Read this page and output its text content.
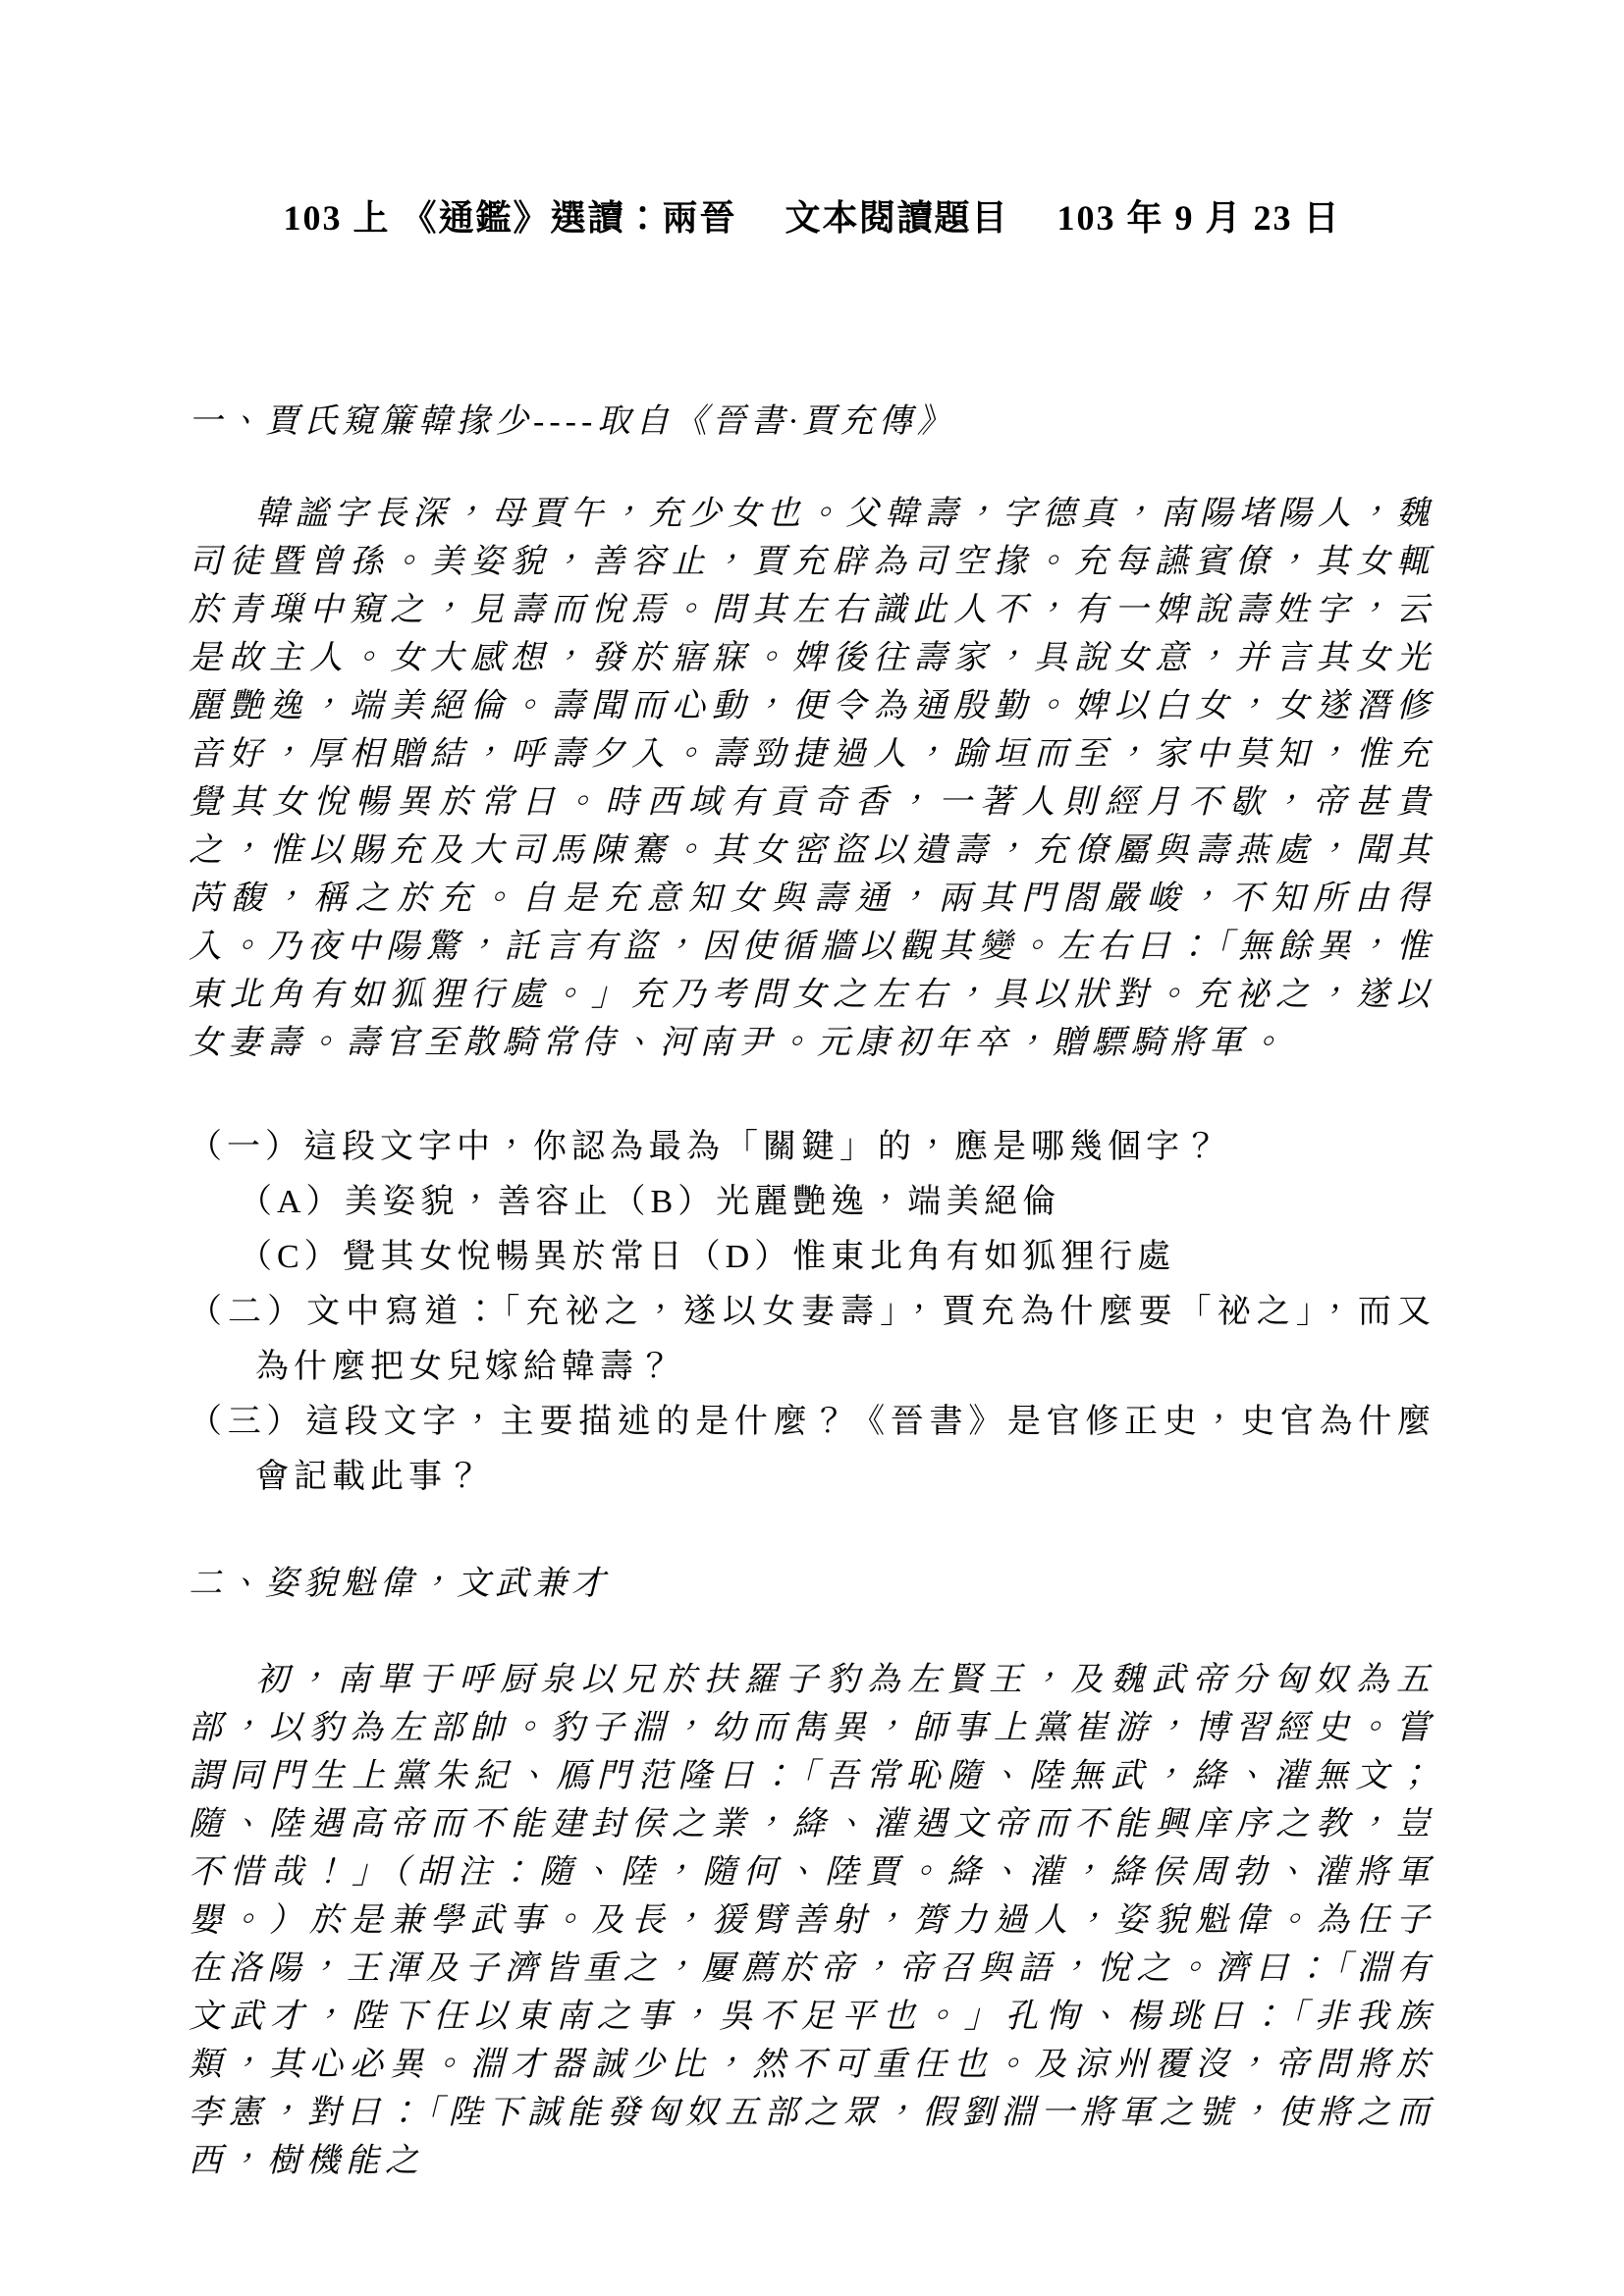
103 上 《通鑑》選讀：兩晉　 文本閱讀題目　 103 年 9 月 23 日
一、賈氏窺簾韓掾少----取自《晉書·賈充傳》

韓謐字長深，母賈午，充少女也。父韓壽，字德真，南陽堵陽人，魏司徒暨曾孫。美姿貌，善容止，賈充辟為司空掾。充每讌賓僚，其女輒於青璅中窺之，見壽而悅焉。問其左右識此人不，有一婢說壽姓字，云是故主人。女大感想，發於寤寐。婢後往壽家，具說女意，并言其女光麗艷逸，端美絕倫。壽聞而心動，便令為通殷勤。婢以白女，女遂潛修音好，厚相贈結，呼壽夕入。壽勁捷過人，踰垣而至，家中莫知，惟充覺其女悅暢異於常日。時西域有貢奇香，一著人則經月不歇，帝甚貴之，惟以賜充及大司馬陳騫。其女密盜以遺壽，充僚屬與壽燕處，聞其芮馥，稱之於充。自是充意知女與壽通，兩其門閤嚴峻，不知所由得入。乃夜中陽驚，託言有盜，因使循牆以觀其變。左右曰：「無餘異，惟東北角有如狐狸行處。」充乃考問女之左右，具以狀對。充祕之，遂以女妻壽。壽官至散騎常侍、河南尹。元康初年卒，贈驃騎將軍。

（一）這段文字中，你認為最為「關鍵」的，應是哪幾個字？
（A）美姿貌，善容止（B）光麗艷逸，端美絕倫
（C）覺其女悅暢異於常日（D）惟東北角有如狐狸行處
（二）文中寫道：「充祕之，遂以女妻壽」，賈充為什麼要「祕之」，而又為什麼把女兒嫁給韓壽？
（三）這段文字，主要描述的是什麼？《晉書》是官修正史，史官為什麼會記載此事？
二、姿貌魁偉，文武兼才

初，南單于呼厨泉以兄於扶羅子豹為左賢王，及魏武帝分匈奴為五部，以豹為左部帥。豹子淵，幼而雋異，師事上黨崔游，博習經史。嘗謂同門生上黨朱紀、鴈門范隆曰：「吾常恥隨、陸無武，絳、灌無文；隨、陸遇高帝而不能建封侯之業，絳、灌遇文帝而不能興庠序之教，豈不惜哉！」（胡注：隨、陸，隨何、陸賈。絳、灌，絳侯周勃、灌將軍嬰。）於是兼學武事。及長，猨臂善射，膂力過人，姿貌魁偉。為任子在洛陽，王渾及子濟皆重之，屢薦於帝，帝召與語，悅之。濟曰：「淵有文武才，陛下任以東南之事，吳不足平也。」孔恂、楊珧曰：「非我族類，其心必異。淵才器誠少比，然不可重任也。及涼州覆沒，帝問將於李憲，對曰：「陛下誠能發匈奴五部之眾，假劉淵一將軍之號，使將之而西，樹機能之
